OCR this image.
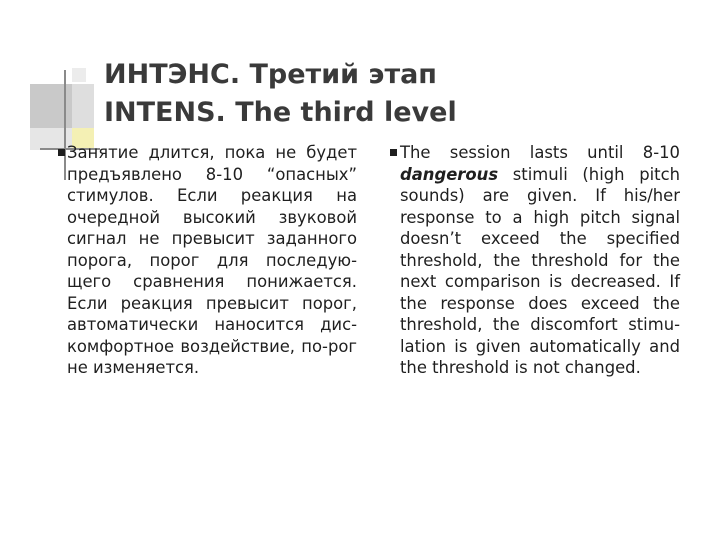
ИНТЭНС. Третий этап
INTENS. The third level
Занятие длится, пока не будет предъявлено 8-10 “опасных” стимулов. Если реакция на очередной высокий звуковой сигнал не превысит заданного порога, порог для последую-щего сравнения понижается. Если реакция превысит порог, автоматически наносится дис-комфортное воздействие, по-рог не изменяется.
The session lasts until 8-10 dangerous stimuli (high pitch sounds) are given. If his/her response to a high pitch signal doesn’t exceed the specified threshold, the threshold for the next comparison is decreased. If the response does exceed the threshold, the discomfort stimu-lation is given automatically and the threshold is not changed.
